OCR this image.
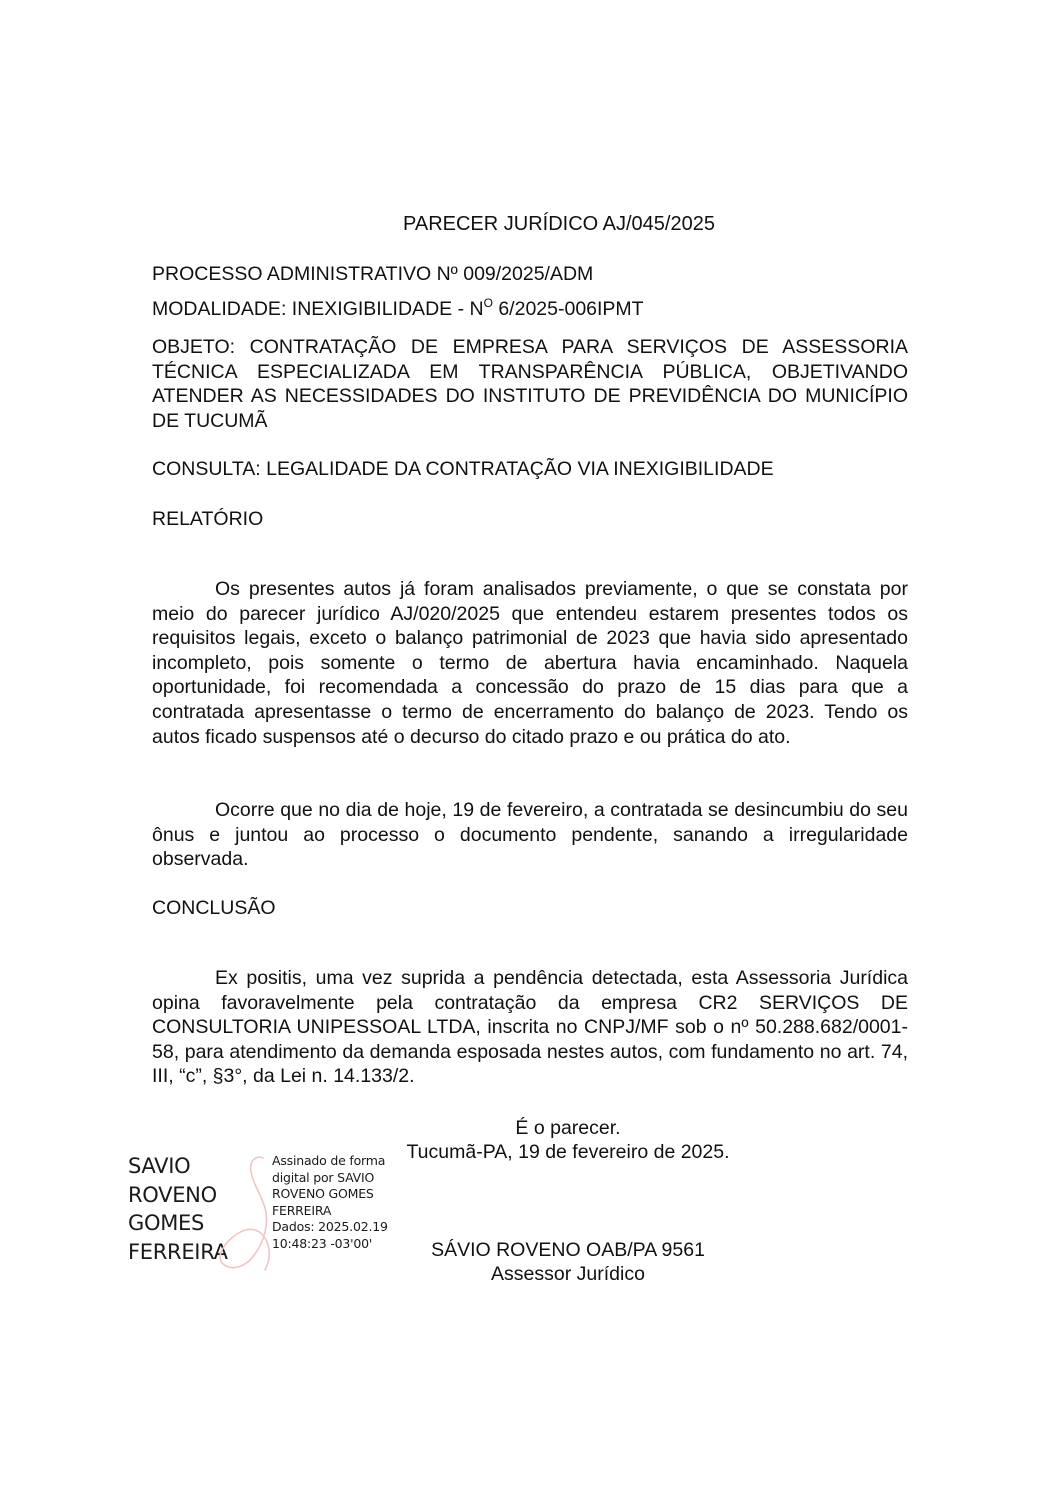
PARECER JURÍDICO AJ/045/2025
PROCESSO ADMINISTRATIVO Nº 009/2025/ADM
MODALIDADE: INEXIGIBILIDADE - $N^O$ 6/2025-006IPMT
OBJETO: CONTRATAÇÃO DE EMPRESA PARA SERVIÇOS DE ASSESSORIA TÉCNICA ESPECIALIZADA EM TRANSPARÊNCIA PÚBLICA, OBJETIVANDO ATENDER AS NECESSIDADES DO INSTITUTO DE PREVIDÊNCIA DO MUNICÍPIO DE TUCUMÃ
CONSULTA: LEGALIDADE DA CONTRATAÇÃO VIA INEXIGIBILIDADE
RELATÓRIO
Os presentes autos já foram analisados previamente, o que se constata por meio do parecer jurídico AJ/020/2025 que entendeu estarem presentes todos os requisitos legais, exceto o balanço patrimonial de 2023 que havia sido apresentado incompleto, pois somente o termo de abertura havia encaminhado. Naquela oportunidade, foi recomendada a concessão do prazo de 15 dias para que a contratada apresentasse o termo de encerramento do balanço de 2023. Tendo os autos ficado suspensos até o decurso do citado prazo e ou prática do ato.
Ocorre que no dia de hoje, 19 de fevereiro, a contratada se desincumbiu do seu ônus e juntou ao processo o documento pendente, sanando a irregularidade observada.
CONCLUSÃO
Ex positis, uma vez suprida a pendência detectada, esta Assessoria Jurídica opina favoravelmente pela contratação da empresa CR2 SERVIÇOS DE CONSULTORIA UNIPESSOAL LTDA, inscrita no CNPJ/MF sob o nº 50.288.682/0001-58, para atendimento da demanda esposada nestes autos, com fundamento no art. 74, III, “c”, §3°, da Lei n. 14.133/2.
É o parecer.
Tucumã-PA, 19 de fevereiro de 2025.
SÁVIO ROVENO OAB/PA 9561
Assessor Jurídico
SAVIO
ROVENO
GOMES
FERREIRA
Assinado de forma
digital por SAVIO
ROVENO GOMES
FERREIRA
Dados: 2025.02.19
10:48:23 -03'00'
